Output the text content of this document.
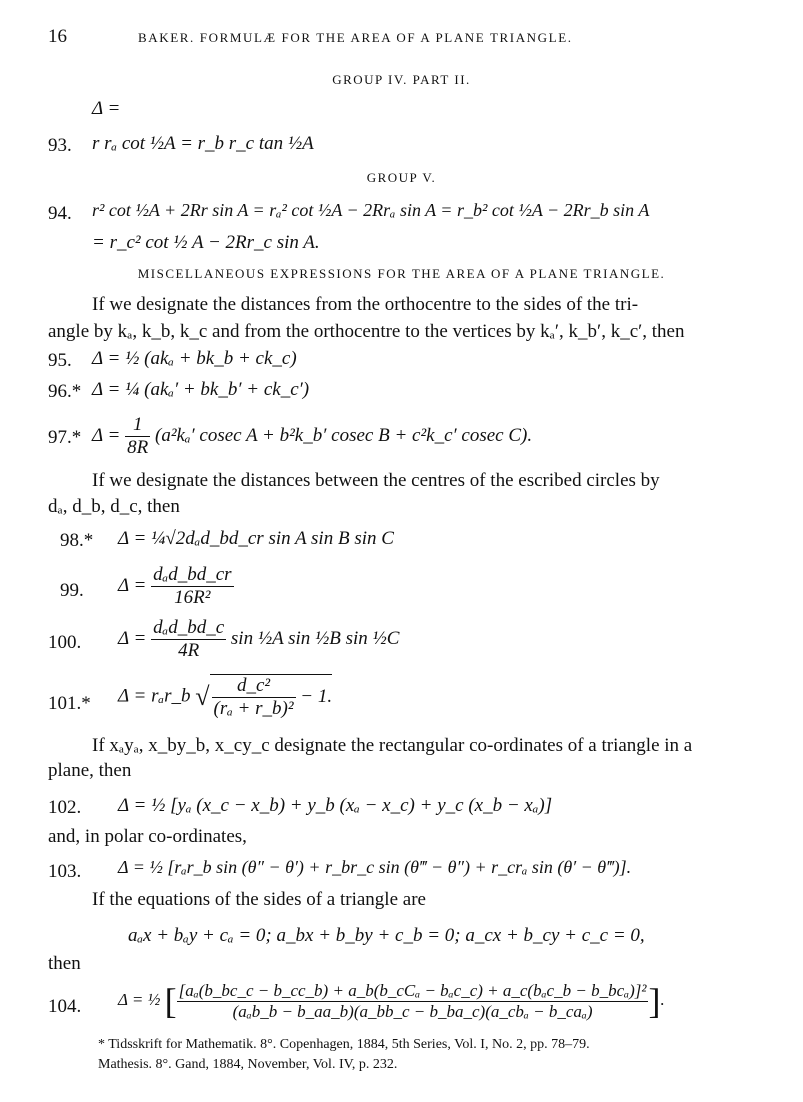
16	BAKER. FORMULÆ FOR THE AREA OF A PLANE TRIANGLE.
GROUP IV. PART II.
Δ =
93. r rₐ cot ½A = r_b r_c tan ½A
GROUP V.
94. r² cot ½A + 2Rr sin A = rₐ² cot ½A − 2Rrₐ sin A = r_b² cot ½A − 2Rr_b sin A
= r_c² cot ½ A − 2Rr_c sin A.
MISCELLANEOUS EXPRESSIONS FOR THE AREA OF A PLANE TRIANGLE.
If we designate the distances from the orthocentre to the sides of the tri-
angle by kₐ, k_b, k_c and from the orthocentre to the vertices by kₐ′, k_b′, k_c′, then
95. Δ = ½ (akₐ + bk_b + ck_c)
96.* Δ = ¼ (akₐ′ + bk_b′ + ck_c′)
97.* $\Delta = \frac{1}{8R} (a^2k_a'$ cosec A + b²k_b′ cosec B + c²k_c′ cosec C).
If we designate the distances between the centres of the escribed circles by
dₐ, d_b, d_c, then
98.* Δ = ¼√2dₐd_bd_cr sin A sin B sin C
99. $\Delta = \frac{\text{dₐd\_bd\_cr}}{\text{16R²}}$
100. $\Delta = \frac{\text{dₐd\_bd\_c}}{4R}$ sin ½A sin ½B sin ½C
101.* Δ = rₐr_b √ $\frac{\text{d\_c²}}{\text{(rₐ + r\_b)²}} - 1$.
If xₐyₐ, x_by_b, x_cy_c designate the rectangular co-ordinates of a triangle in a
plane, then
102. Δ = ½ [yₐ (x_c − x_b) + y_b (xₐ − x_c) + y_c (x_b − xₐ)]
and, in polar co-ordinates,
103. Δ = ½ [rₐr_b sin (θ″ − θ′) + r_br_c sin (θ‴ − θ″) + r_crₐ sin (θ′ − θ‴)].
If the equations of the sides of a triangle are
aₐx + bₐy + cₐ = 0; a_bx + b_by + c_b = 0; a_cx + b_cy + c_c = 0,
then
104. Δ = ½ [ [aₐ(b_bc_c − b_cc_b) + a_b(b_cCₐ − bₐc_c) + a_c(bₐc_b − b_bcₐ)]²
(aₐb_b − b_aa_b)(a_bb_c − b_ba_c)(a_cbₐ − b_caₐ)	].
* Tidsskrift for Mathematik. 8°. Copenhagen, 1884, 5th Series, Vol. I, No. 2, pp. 78–79.
Mathesis. 8°. Gand, 1884, November, Vol. IV, p. 232.
